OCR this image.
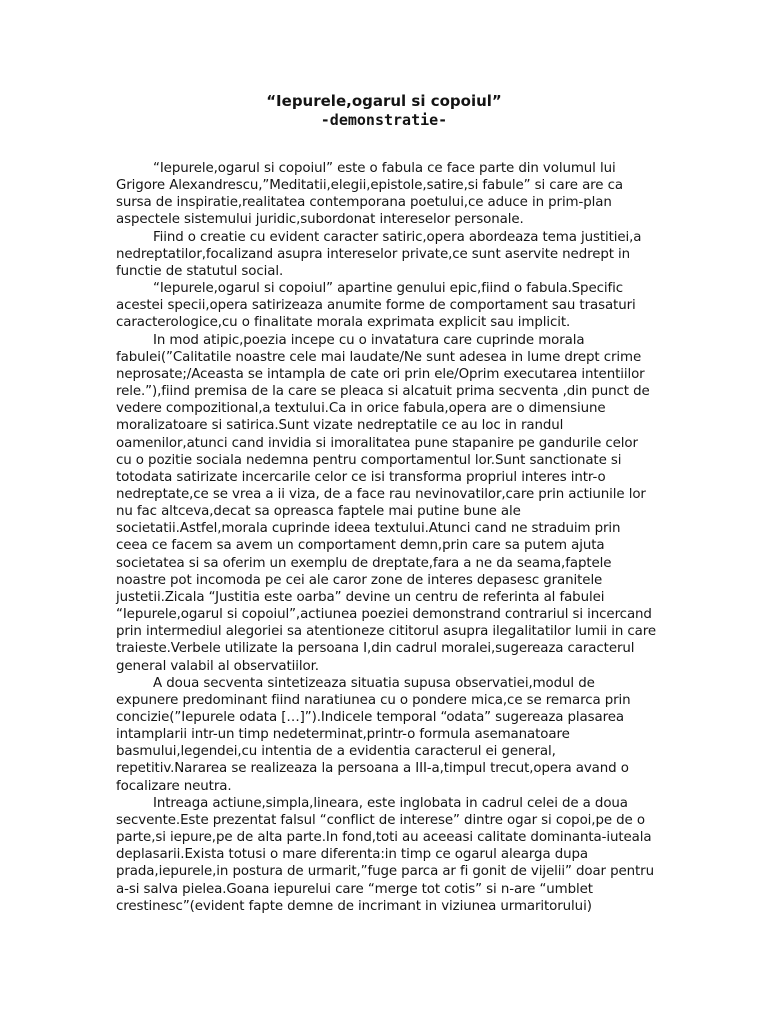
“Iepurele,ogarul si copoiul”
-demonstratie-

“Iepurele,ogarul si copoiul” este o fabula ce face parte din volumul lui Grigore Alexandrescu,”Meditatii,elegii,epistole,satire,si fabule” si care are ca sursa de inspiratie,realitatea contemporana poetului,ce aduce in prim-plan aspectele sistemului juridic,subordonat intereselor personale.

Fiind o creatie cu evident caracter satiric,opera abordeaza tema justitiei,a nedreptatilor,focalizand asupra intereselor private,ce sunt aservite nedrept in functie de statutul social.

“Iepurele,ogarul si copoiul” apartine genului epic,fiind o fabula.Specific acestei specii,opera satirizeaza anumite forme de comportament sau trasaturi caracterologice,cu o finalitate morala exprimata explicit sau implicit.

In mod atipic,poezia incepe cu o invatatura care cuprinde morala fabulei(”Calitatile noastre cele mai laudate/Ne sunt adesea in lume drept crime neprosate;/Aceasta se intampla de cate ori prin ele/Oprim executarea intentiilor rele.”),fiind premisa de la care se pleaca si alcatuit prima secventa ,din punct de vedere compozitional,a textului.Ca in orice fabula,opera are o dimensiune moralizatoare si satirica.Sunt vizate nedreptatile ce au loc in randul oamenilor,atunci cand invidia si imoralitatea pune stapanire pe gandurile celor cu o pozitie sociala nedemna pentru comportamentul lor.Sunt sanctionate si totodata satirizate incercarile celor ce isi transforma propriul interes intr-o nedreptate,ce se vrea a ii viza, de a face rau nevinovatilor,care prin actiunile lor nu fac altceva,decat sa opreasca faptele mai putine bune ale societatii.Astfel,morala cuprinde ideea textului.Atunci cand ne straduim prin ceea ce facem sa avem un comportament demn,prin care sa putem ajuta societatea si sa oferim un exemplu de dreptate,fara a ne da seama,faptele noastre pot incomoda pe cei ale caror zone de interes depasesc granitele justetii.Zicala “Justitia este oarba” devine un centru de referinta al fabulei “Iepurele,ogarul si copoiul”,actiunea poeziei demonstrand contrariul si incercand prin intermediul alegoriei sa atentioneze cititorul asupra ilegalitatilor lumii in care traieste.Verbele utilizate la persoana I,din cadrul moralei,sugereaza caracterul general valabil al observatiilor.

A doua secventa sintetizeaza situatia supusa observatiei,modul de expunere predominant fiind naratiunea cu o pondere mica,ce se remarca prin concizie(”Iepurele odata […]”).Indicele temporal “odata” sugereaza plasarea intamplarii intr-un timp nedeterminat,printr-o formula asemanatoare basmului,legendei,cu intentia de a evidentia caracterul ei general, repetitiv.Nararea se realizeaza la persoana a III-a,timpul trecut,opera avand o focalizare neutra.

Intreaga actiune,simpla,lineara, este inglobata in cadrul celei de a doua secvente.Este prezentat falsul “conflict de interese” dintre ogar si copoi,pe de o parte,si iepure,pe de alta parte.In fond,toti au aceeasi calitate dominanta-iuteala deplasarii.Exista totusi o mare diferenta:in timp ce ogarul alearga dupa prada,iepurele,in postura de urmarit,”fuge parca ar fi gonit de vijelii” doar pentru a-si salva pielea.Goana iepurelui care “merge tot cotis” si n-are “umblet crestinesc”(evident fapte demne de incrimant in viziunea urmaritorului)
